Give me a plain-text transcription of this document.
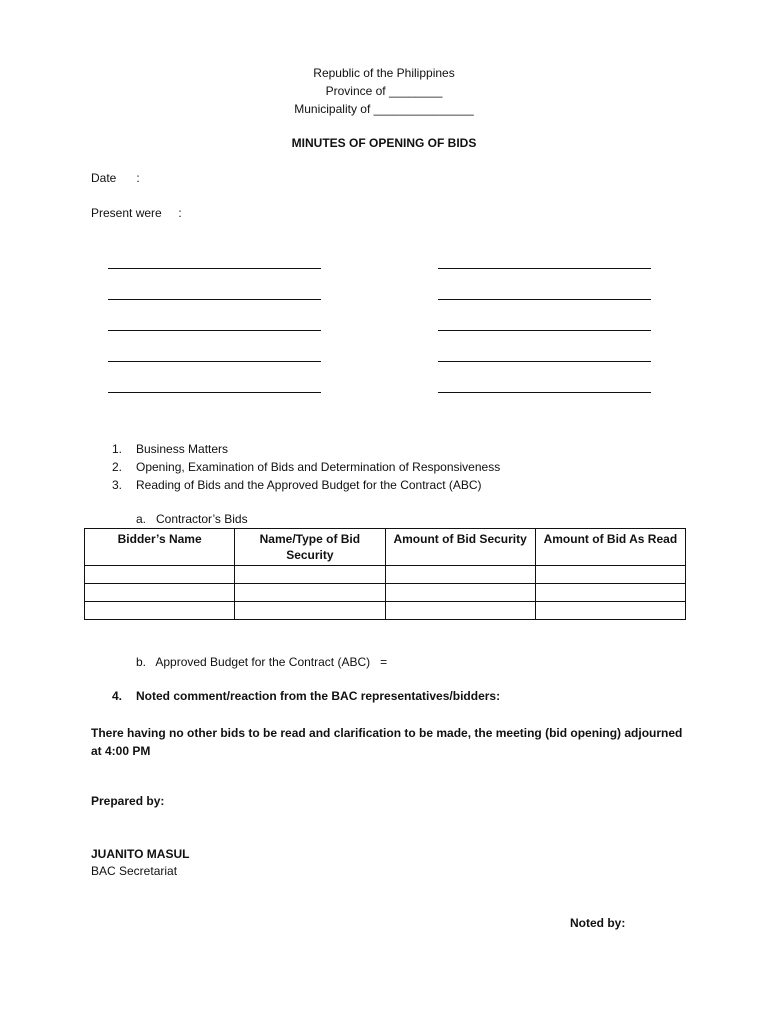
Republic of the Philippines
Province of ________
Municipality of _______________
MINUTES OF OPENING OF BIDS
Date      :
Present were     :
1. Business Matters
2. Opening, Examination of Bids and Determination of Responsiveness
3. Reading of Bids and the Approved Budget for the Contract (ABC)
a.   Contractor’s Bids
Bidder’s Name	Name/Type of Bid Security	Amount of Bid Security	Amount of Bid As Read

b.   Approved Budget for the Contract (ABC)   =
4. Noted comment/reaction from the BAC representatives/bidders:
There having no other bids to be read and clarification to be made, the meeting (bid opening) adjourned at 4:00 PM
Prepared by:
JUANITO MASUL
BAC Secretariat
Noted by:
